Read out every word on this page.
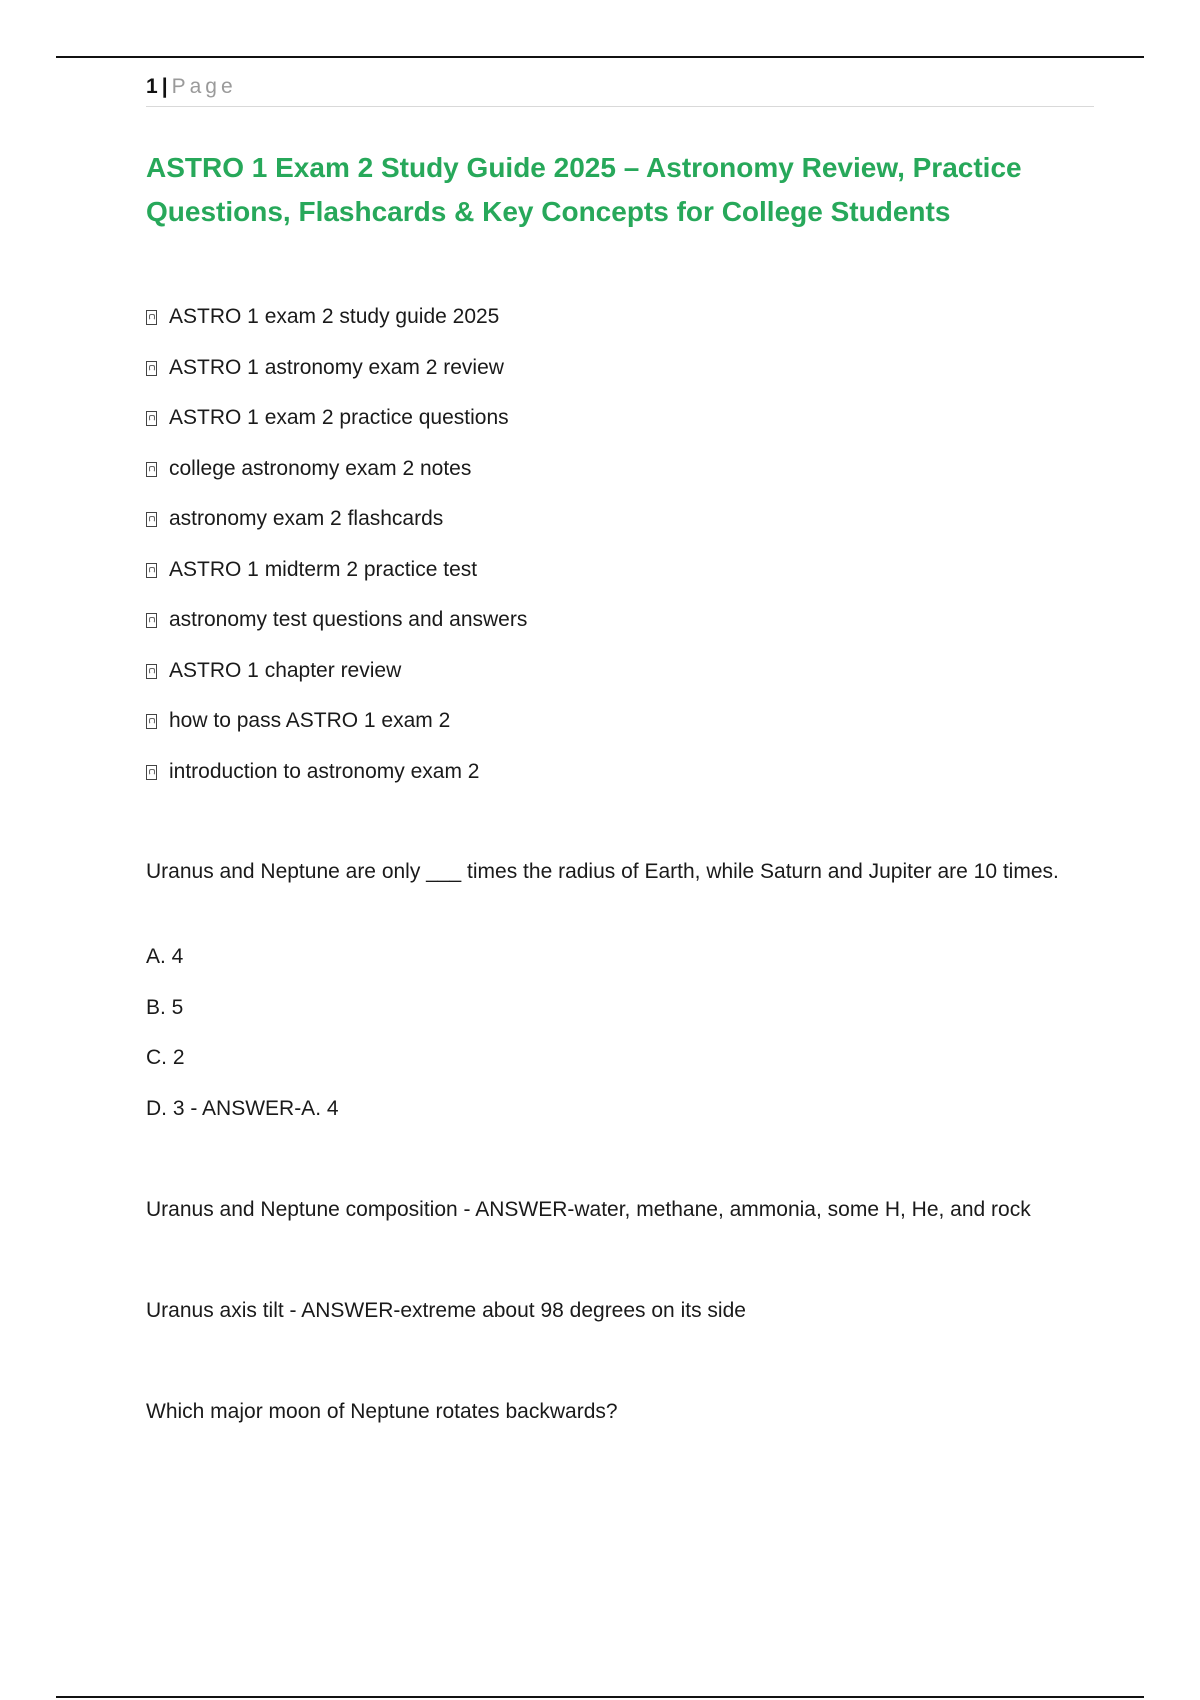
1 | Page
ASTRO 1 Exam 2 Study Guide 2025 – Astronomy Review, Practice Questions, Flashcards & Key Concepts for College Students
ASTRO 1 exam 2 study guide 2025
ASTRO 1 astronomy exam 2 review
ASTRO 1 exam 2 practice questions
college astronomy exam 2 notes
astronomy exam 2 flashcards
ASTRO 1 midterm 2 practice test
astronomy test questions and answers
ASTRO 1 chapter review
how to pass ASTRO 1 exam 2
introduction to astronomy exam 2

Uranus and Neptune are only ___ times the radius of Earth, while Saturn and Jupiter are 10 times.

A. 4

B. 5

C. 2

D. 3 - ANSWER-A. 4

Uranus and Neptune composition - ANSWER-water, methane, ammonia, some H, He, and rock

Uranus axis tilt - ANSWER-extreme about 98 degrees on its side

Which major moon of Neptune rotates backwards?
